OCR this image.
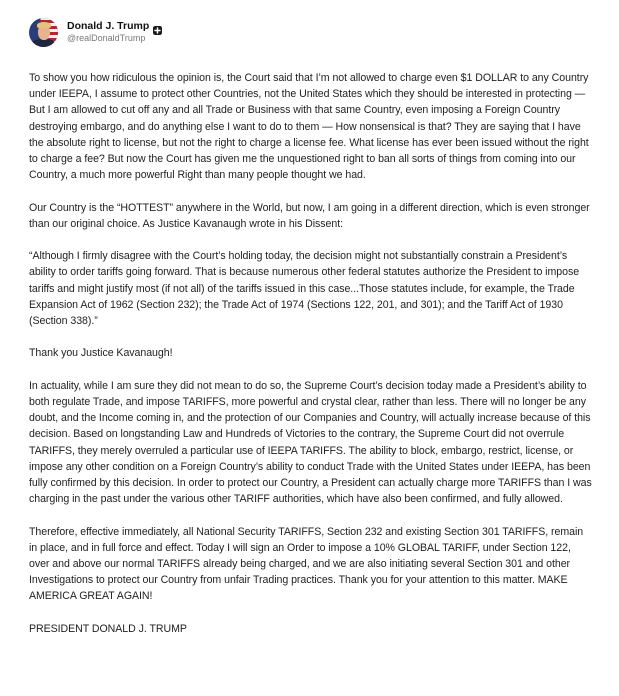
Donald J. Trump
@realDonaldTrump

To show you how ridiculous the opinion is, the Court said that I’m not allowed to charge even $1 DOLLAR to any Country under IEEPA, I assume to protect other Countries, not the United States which they should be interested in protecting — But I am allowed to cut off any and all Trade or Business with that same Country, even imposing a Foreign Country destroying embargo, and do anything else I want to do to them — How nonsensical is that? They are saying that I have the absolute right to license, but not the right to charge a license fee. What license has ever been issued without the right to charge a fee? But now the Court has given me the unquestioned right to ban all sorts of things from coming into our Country, a much more powerful Right than many people thought we had.

Our Country is the “HOTTEST” anywhere in the World, but now, I am going in a different direction, which is even stronger than our original choice. As Justice Kavanaugh wrote in his Dissent:

“Although I firmly disagree with the Court’s holding today, the decision might not substantially constrain a President’s ability to order tariffs going forward. That is because numerous other federal statutes authorize the President to impose tariffs and might justify most (if not all) of the tariffs issued in this case...Those statutes include, for example, the Trade Expansion Act of 1962 (Section 232); the Trade Act of 1974 (Sections 122, 201, and 301); and the Tariff Act of 1930 (Section 338).”

Thank you Justice Kavanaugh!

In actuality, while I am sure they did not mean to do so, the Supreme Court’s decision today made a President’s ability to both regulate Trade, and impose TARIFFS, more powerful and crystal clear, rather than less. There will no longer be any doubt, and the Income coming in, and the protection of our Companies and Country, will actually increase because of this decision. Based on longstanding Law and Hundreds of Victories to the contrary, the Supreme Court did not overrule TARIFFS, they merely overruled a particular use of IEEPA TARIFFS. The ability to block, embargo, restrict, license, or impose any other condition on a Foreign Country’s ability to conduct Trade with the United States under IEEPA, has been fully confirmed by this decision. In order to protect our Country, a President can actually charge more TARIFFS than I was charging in the past under the various other TARIFF authorities, which have also been confirmed, and fully allowed.

Therefore, effective immediately, all National Security TARIFFS, Section 232 and existing Section 301 TARIFFS, remain in place, and in full force and effect. Today I will sign an Order to impose a 10% GLOBAL TARIFF, under Section 122, over and above our normal TARIFFS already being charged, and we are also initiating several Section 301 and other Investigations to protect our Country from unfair Trading practices. Thank you for your attention to this matter. MAKE AMERICA GREAT AGAIN!

PRESIDENT DONALD J. TRUMP
